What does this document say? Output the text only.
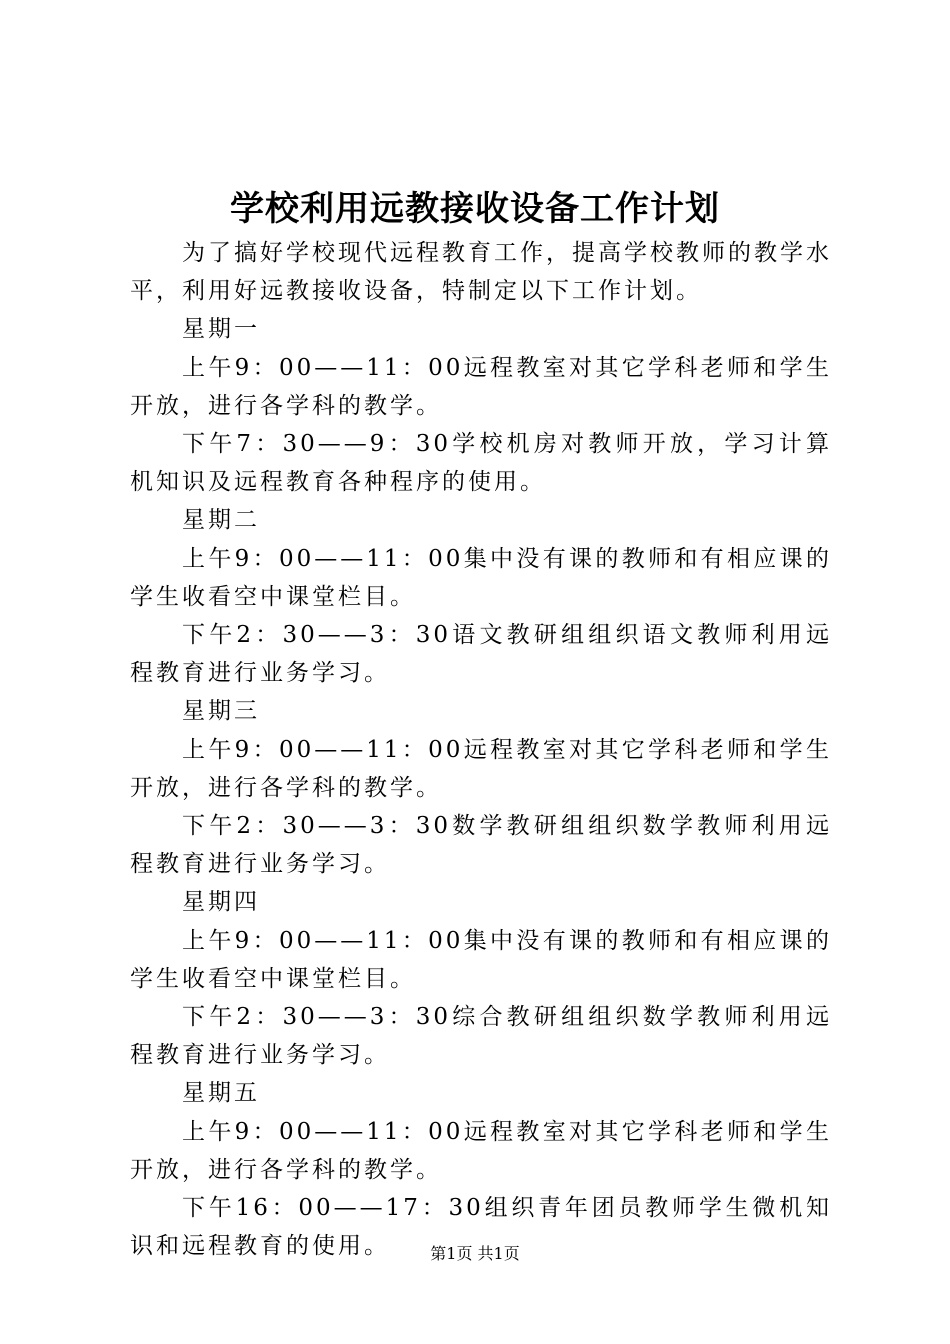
学校利用远教接收设备工作计划

为了搞好学校现代远程教育工作，提高学校教师的教学水平，利用好远教接收设备，特制定以下工作计划。

星期一

上午9：00——11：00远程教室对其它学科老师和学生开放，进行各学科的教学。

下午7：30——9：30学校机房对教师开放，学习计算机知识及远程教育各种程序的使用。

星期二

上午9：00——11：00集中没有课的教师和有相应课的学生收看空中课堂栏目。

下午2：30——3：30语文教研组组织语文教师利用远程教育进行业务学习。

星期三

上午9：00——11：00远程教室对其它学科老师和学生开放，进行各学科的教学。

下午2：30——3：30数学教研组组织数学教师利用远程教育进行业务学习。

星期四

上午9：00——11：00集中没有课的教师和有相应课的学生收看空中课堂栏目。

下午2：30——3：30综合教研组组织数学教师利用远程教育进行业务学习。

星期五

上午9：00——11：00远程教室对其它学科老师和学生开放，进行各学科的教学。

下午16：00——17：30组织青年团员教师学生微机知识和远程教育的使用。	第1页 共1页
